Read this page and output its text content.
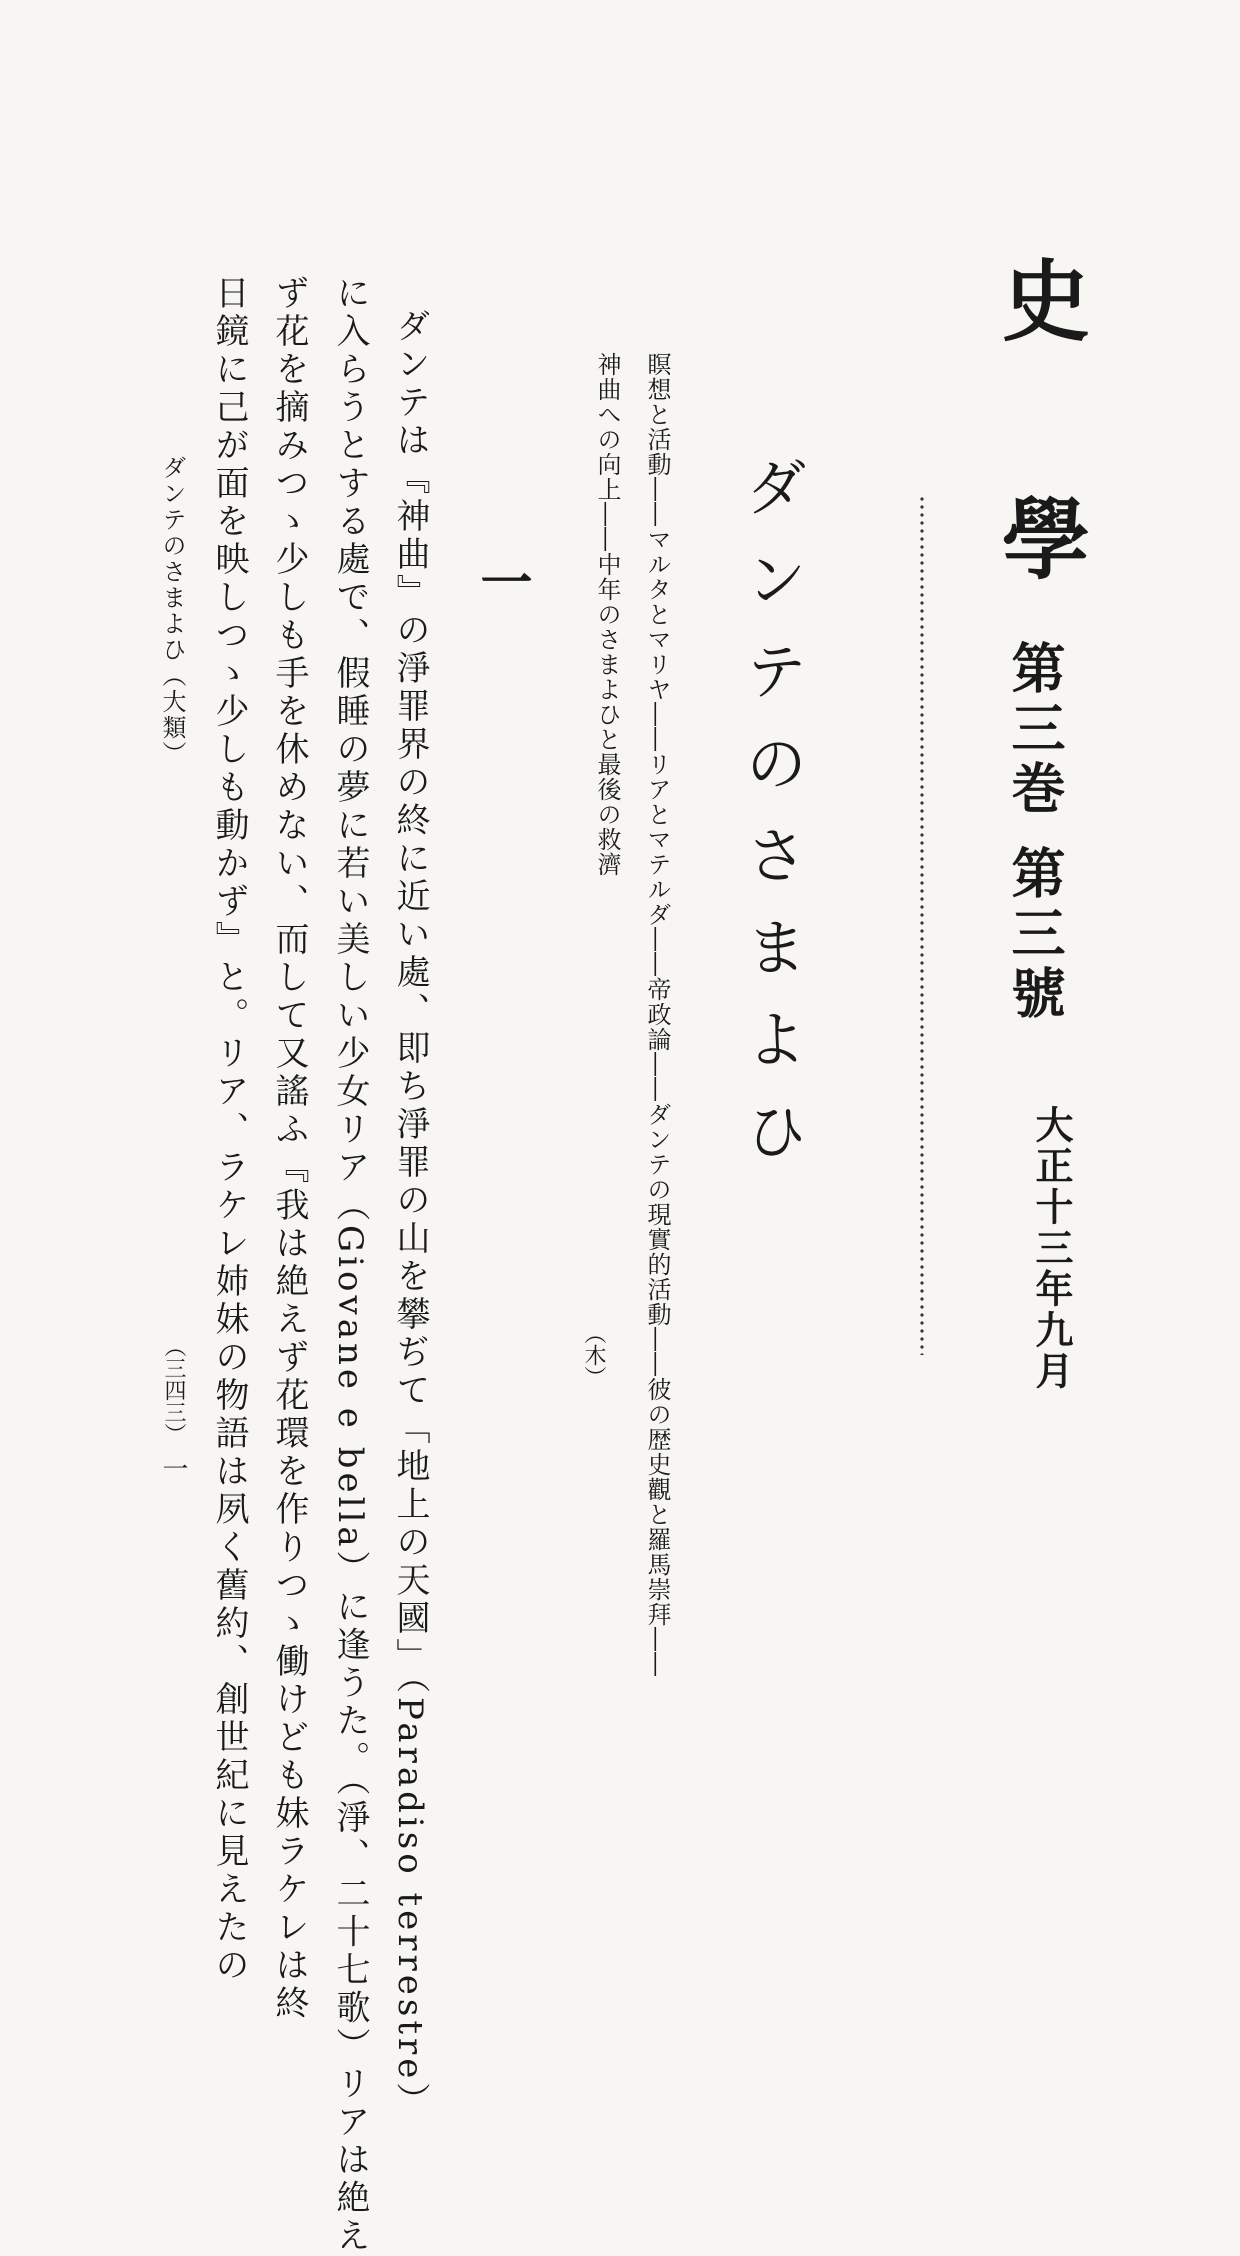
史學
第三巻 第三號
大正十三年九月
ダンテのさまよひ
瞑想と活動――マルタとマリヤ――リアとマテルダ――帝政論――ダンテの現實的活動――彼の歴史觀と羅馬崇拜――
神曲への向上――中年のさまよひと最後の救濟
（木）
一
ダンテは『神曲』の淨罪界の終に近い處、即ち淨罪の山を攀ぢて「地上の天國」（Paradiso terrestre）
に入らうとする處で、假睡の夢に若い美しい少女リア（Giovane e bella）に逢うた。（淨、二十七歌）リアは絶え
ず花を摘みつゝ少しも手を休めない、而して又謠ふ『我は絶えず花環を作りつゝ働けども妹ラケレは終
日鏡に己が面を映しつゝ少しも動かず』と。リア、ラケレ姉妹の物語は夙く舊約、創世紀に見えたの
ダンテのさまよひ（大類）
（三四三）
一
